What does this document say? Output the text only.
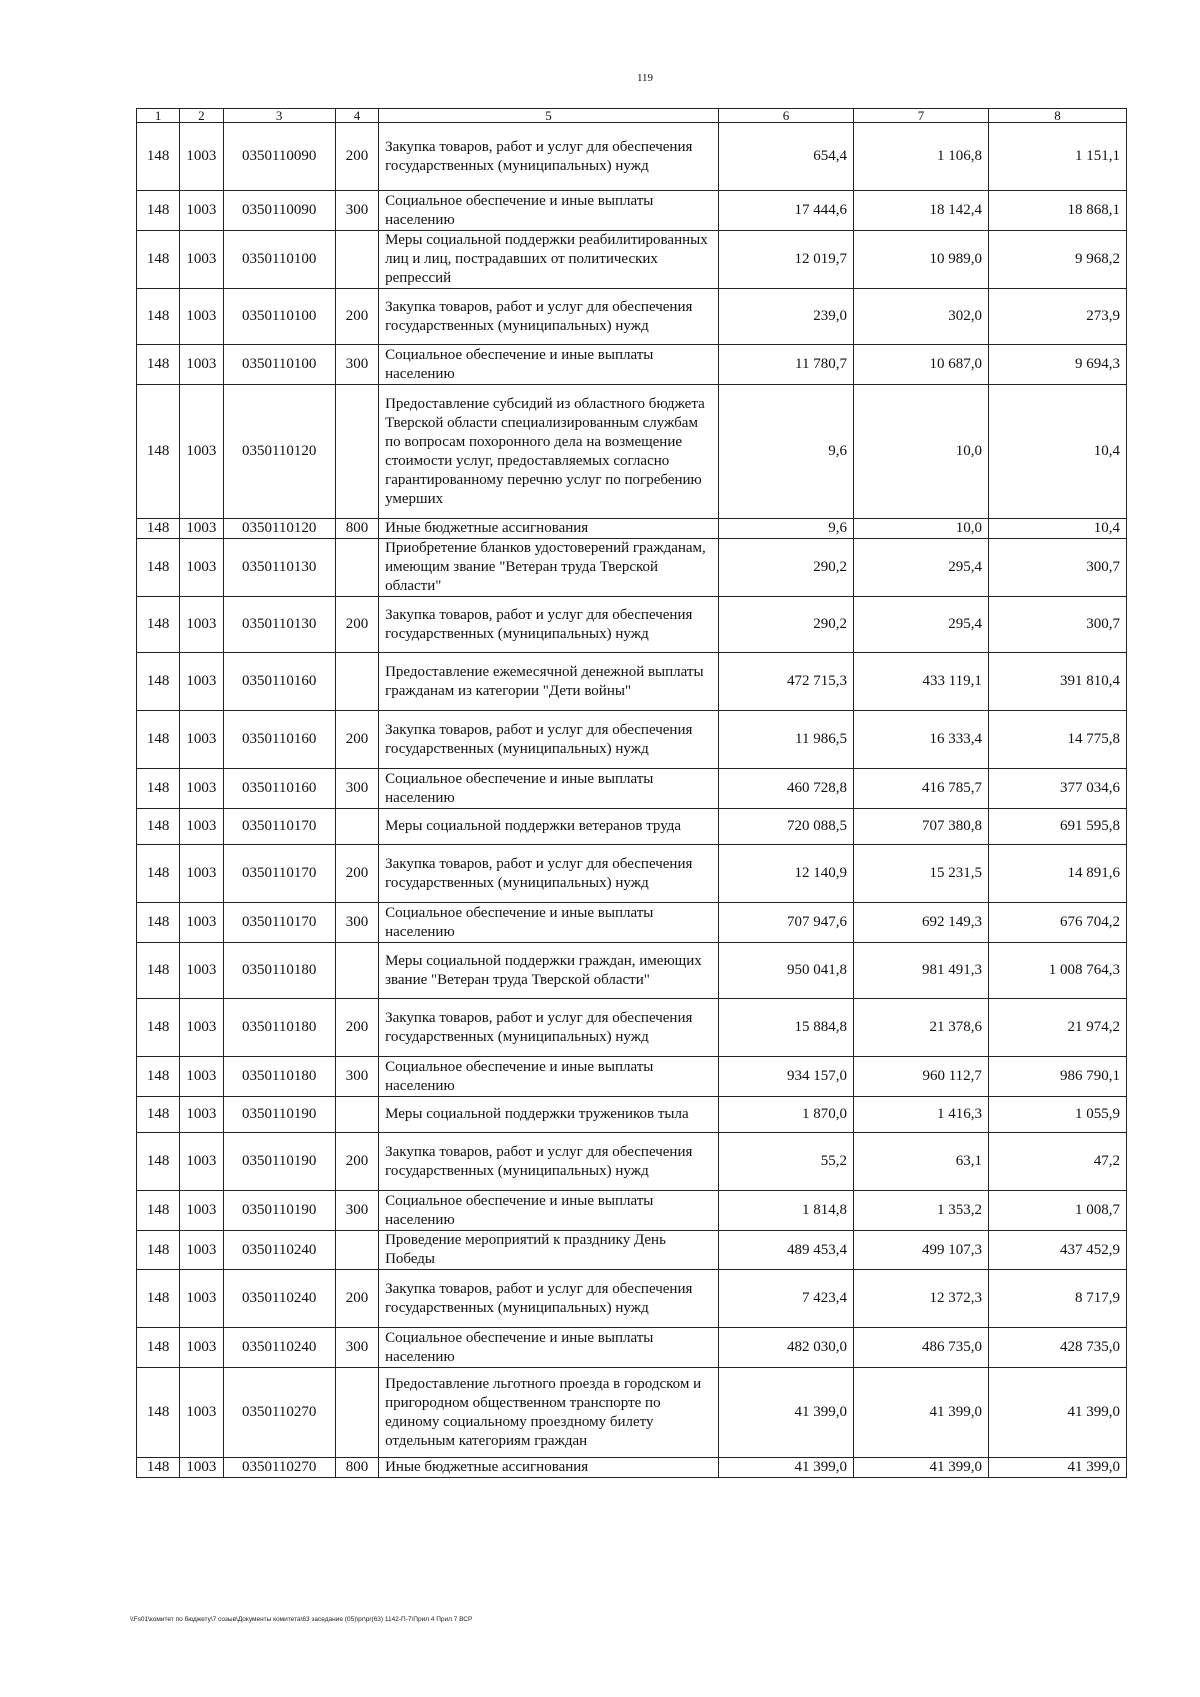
119
1	2	3	4	5	6	7	8
148	1003	0350110090	200	Закупка товаров, работ и услуг для обеспечения государственных (муниципальных) нужд	654,4	1 106,8	1 151,1
148	1003	0350110090	300	Социальное обеспечение и иные выплаты населению	17 444,6	18 142,4	18 868,1
148	1003	0350110100		Меры социальной поддержки реабилитированных лиц и лиц, пострадавших от политических репрессий	12 019,7	10 989,0	9 968,2
148	1003	0350110100	200	Закупка товаров, работ и услуг для обеспечения государственных (муниципальных) нужд	239,0	302,0	273,9
148	1003	0350110100	300	Социальное обеспечение и иные выплаты населению	11 780,7	10 687,0	9 694,3
148	1003	0350110120		Предоставление субсидий из областного бюджета Тверской области специализированным службам по вопросам похоронного дела на возмещение стоимости услуг, предоставляемых согласно гарантированному перечню услуг по погребению умерших	9,6	10,0	10,4
148	1003	0350110120	800	Иные бюджетные ассигнования	9,6	10,0	10,4
148	1003	0350110130		Приобретение бланков удостоверений гражданам, имеющим звание "Ветеран труда Тверской области"	290,2	295,4	300,7
148	1003	0350110130	200	Закупка товаров, работ и услуг для обеспечения государственных (муниципальных) нужд	290,2	295,4	300,7
148	1003	0350110160		Предоставление ежемесячной денежной выплаты гражданам из категории "Дети войны"	472 715,3	433 119,1	391 810,4
148	1003	0350110160	200	Закупка товаров, работ и услуг для обеспечения государственных (муниципальных) нужд	11 986,5	16 333,4	14 775,8
148	1003	0350110160	300	Социальное обеспечение и иные выплаты населению	460 728,8	416 785,7	377 034,6
148	1003	0350110170		Меры социальной поддержки ветеранов труда	720 088,5	707 380,8	691 595,8
148	1003	0350110170	200	Закупка товаров, работ и услуг для обеспечения государственных (муниципальных) нужд	12 140,9	15 231,5	14 891,6
148	1003	0350110170	300	Социальное обеспечение и иные выплаты населению	707 947,6	692 149,3	676 704,2
148	1003	0350110180		Меры социальной поддержки граждан, имеющих звание "Ветеран труда Тверской области"	950 041,8	981 491,3	1 008 764,3
148	1003	0350110180	200	Закупка товаров, работ и услуг для обеспечения государственных (муниципальных) нужд	15 884,8	21 378,6	21 974,2
148	1003	0350110180	300	Социальное обеспечение и иные выплаты населению	934 157,0	960 112,7	986 790,1
148	1003	0350110190		Меры социальной поддержки тружеников тыла	1 870,0	1 416,3	1 055,9
148	1003	0350110190	200	Закупка товаров, работ и услуг для обеспечения государственных (муниципальных) нужд	55,2	63,1	47,2
148	1003	0350110190	300	Социальное обеспечение и иные выплаты населению	1 814,8	1 353,2	1 008,7
148	1003	0350110240		Проведение мероприятий к празднику День Победы	489 453,4	499 107,3	437 452,9
148	1003	0350110240	200	Закупка товаров, работ и услуг для обеспечения государственных (муниципальных) нужд	7 423,4	12 372,3	8 717,9
148	1003	0350110240	300	Социальное обеспечение и иные выплаты населению	482 030,0	486 735,0	428 735,0
148	1003	0350110270		Предоставление льготного проезда в городском и пригородном общественном транспорте по единому социальному проездному билету отдельным категориям граждан	41 399,0	41 399,0	41 399,0
148	1003	0350110270	800	Иные бюджетные ассигнования	41 399,0	41 399,0	41 399,0
\\Fs01\комитет по бюджету\7 созыв\Документы комитета\63 заседание (05)\pr\pr(63) 1142-П-7\Прил 4 Прил 7 ВСР
